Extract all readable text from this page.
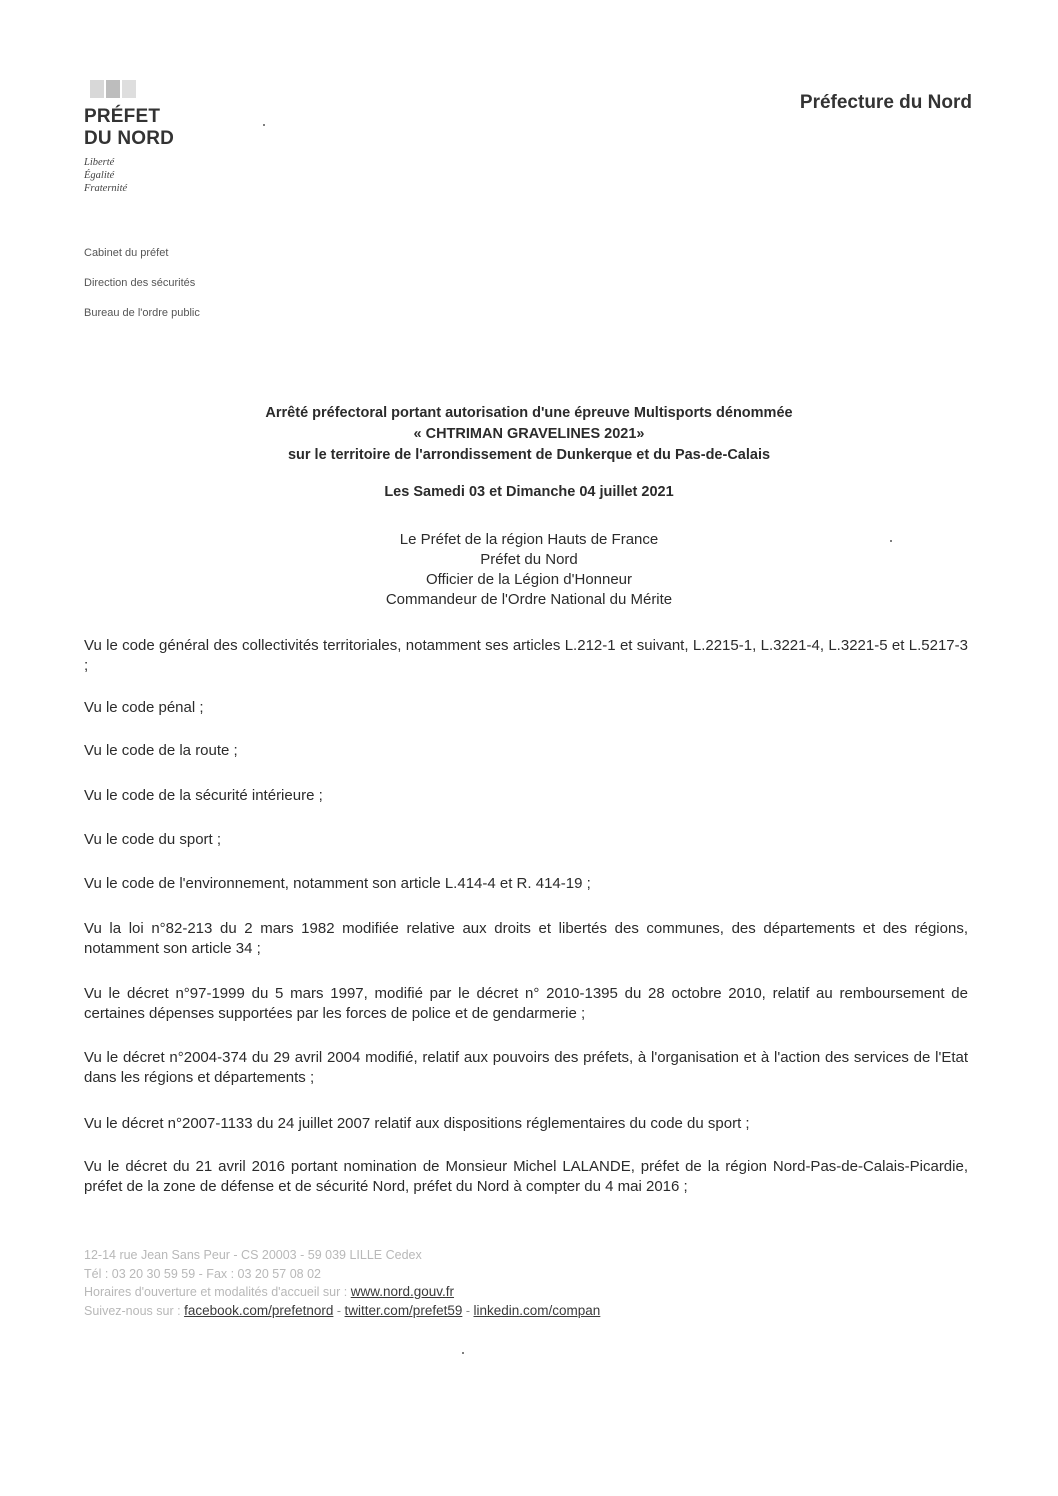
PRÉFET
DU NORD
Liberté
Égalité
Fraternité
Préfecture du Nord
Cabinet du préfet
Direction des sécurités
Bureau de l'ordre public
Arrêté préfectoral portant autorisation d'une épreuve Multisports dénommée
« CHTRIMAN GRAVELINES 2021»
sur le territoire de l'arrondissement de Dunkerque et du Pas-de-Calais
Les Samedi 03 et Dimanche 04 juillet 2021
Le Préfet de la région Hauts de France
Préfet du Nord
Officier de la Légion d'Honneur
Commandeur de l'Ordre National du Mérite
Vu le code général des collectivités territoriales, notamment ses articles L.212-1 et suivant, L.2215-1, L.3221-4, L.3221-5 et L.5217-3 ;
Vu le code pénal ;
Vu le code de la route ;
Vu le code de la sécurité intérieure ;
Vu le code du sport ;
Vu le code de l'environnement, notamment son article L.414-4 et R. 414-19 ;
Vu la loi n°82-213 du 2 mars 1982 modifiée relative aux droits et libertés des communes, des départements et des régions, notamment son article 34 ;
Vu le décret n°97-1999 du 5 mars 1997, modifié par le décret n° 2010-1395 du 28 octobre 2010, relatif au remboursement de certaines dépenses supportées par les forces de police et de gendarmerie ;
Vu le décret n°2004-374 du 29 avril 2004 modifié, relatif aux pouvoirs des préfets, à l'organisation et à l'action des services de l'Etat dans les régions et départements ;
Vu le décret n°2007-1133 du 24 juillet 2007 relatif aux dispositions réglementaires du code du sport ;
Vu le décret du 21 avril 2016 portant nomination de Monsieur Michel LALANDE, préfet de la région Nord-Pas-de-Calais-Picardie, préfet de la zone de défense et de sécurité Nord, préfet du Nord à compter du 4 mai 2016 ;
12-14 rue Jean Sans Peur - CS 20003 - 59 039 LILLE Cedex
Tél : 03 20 30 59 59 - Fax : 03 20 57 08 02
Horaires d'ouverture et modalités d'accueil sur : www.nord.gouv.fr
Suivez-nous sur : facebook.com/prefetnord - twitter.com/prefet59 - linkedin.com/compan
